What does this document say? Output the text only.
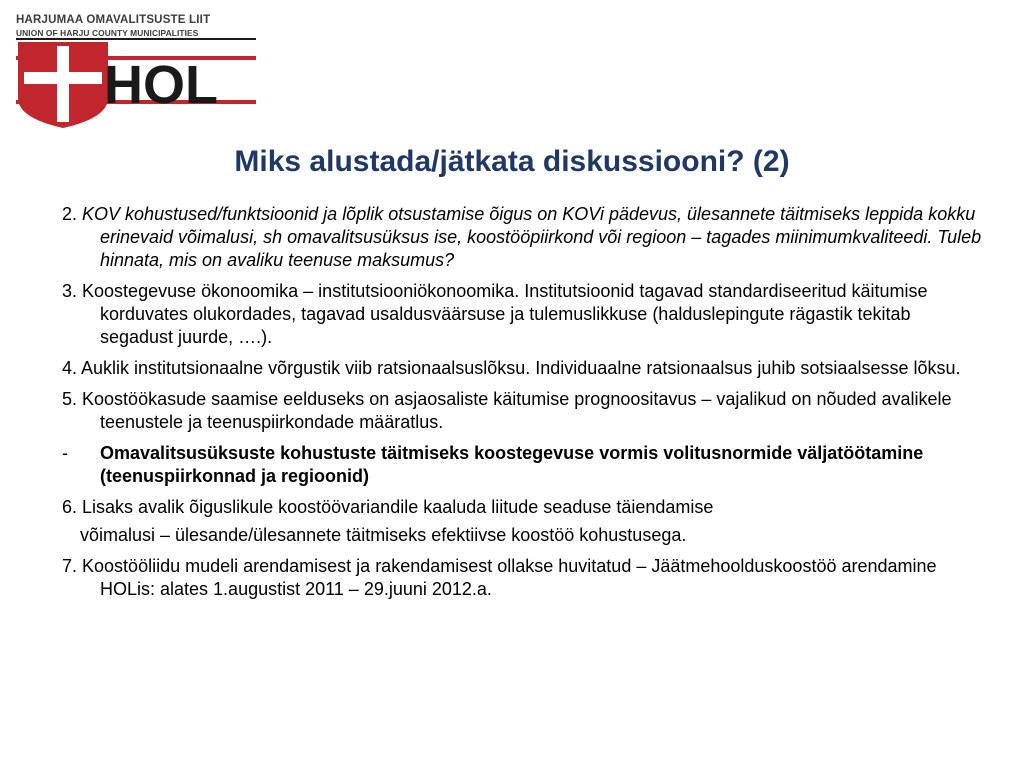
HARJUMAA OMAVALITSUSTE LIIT
UNION OF HARJU COUNTY MUNICIPALITIES
HOL
Miks alustada/jätkata diskussiooni? (2)

2. KOV kohustused/funktsioonid ja lõplik otsustamise õigus on KOVi pädevus, ülesannete täitmiseks leppida kokku erinevaid võimalusi, sh omavalitsusüksus ise, koostööpiirkond või regioon – tagades miinimumkvaliteedi. Tuleb hinnata, mis on avaliku teenuse maksumus?

3. Koostegevuse ökonoomika – institutsiooniökonoomika. Institutsioonid tagavad standardiseeritud käitumise korduvates olukordades, tagavad usaldusväärsuse ja tulemuslikkuse (halduslepingute rägastik tekitab segadust juurde, ….).

4. Auklik institutsionaalne võrgustik viib ratsionaalsuslõksu. Individuaalne ratsionaalsus juhib sotsiaalsesse lõksu.

5. Koostöökasude saamise eelduseks on asjaosaliste käitumise prognoositavus – vajalikud on nõuded avalikele teenustele ja teenuspiirkondade määratlus.

- Omavalitsusüksuste kohustuste täitmiseks koostegevuse vormis volitusnormide väljatöötamine (teenuspiirkonnad ja regioonid)

6. Lisaks avalik õiguslikule koostöövariandile kaaluda liitude seaduse täiendamise

võimalusi – ülesande/ülesannete täitmiseks efektiivse koostöö kohustusega.

7. Koostööliidu mudeli arendamisest ja rakendamisest ollakse huvitatud – Jäätmehoolduskoostöö arendamine HOLis: alates 1.augustist 2011 – 29.juuni 2012.a.
